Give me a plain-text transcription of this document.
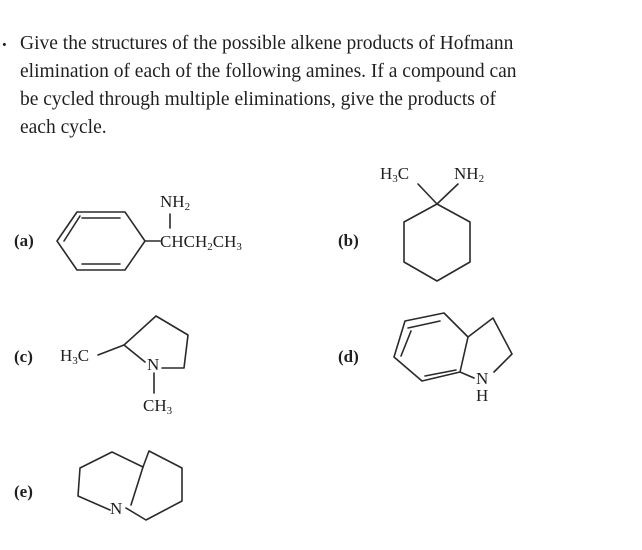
. Give the structures of the possible alkene products of Hofmann
elimination of each of the following amines. If a compound can
be cycled through multiple eliminations, give the products of
each cycle.

(a)
$NH_2$
$CHCH_2CH_3$	(b)
$H_3C$	$NH_2$
(c) $H_3C$	N
$CH_3$
(d)
N
H
(e)
N
